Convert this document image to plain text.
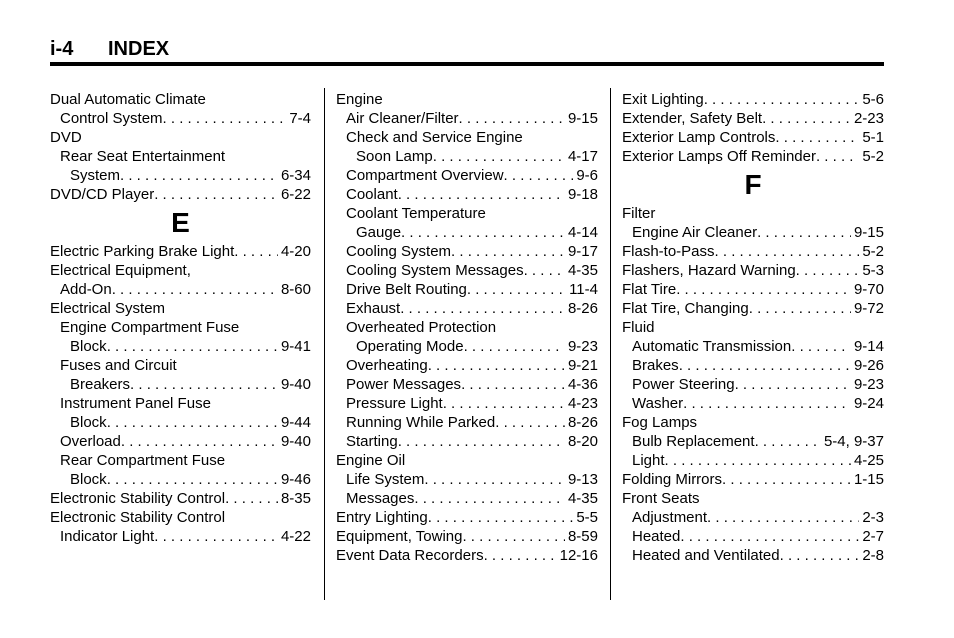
i-4 INDEX
Dual Automatic Climate
Control System . . .	7-4
DVD
Rear Seat Entertainment
System . . .	6-34
DVD/CD Player . . .	6-22
E
Electric Parking Brake Light . . .	4-20
Electrical Equipment,
Add-On . . .	8-60
Electrical System
Engine Compartment Fuse
Block . . .	9-41
Fuses and Circuit
Breakers . . .	9-40
Instrument Panel Fuse
Block . . .	9-44
Overload . . .	9-40
Rear Compartment Fuse
Block . . .	9-46
Electronic Stability Control . . .	8-35
Electronic Stability Control
Indicator Light . . .	4-22
Engine
Air Cleaner/Filter . . .	9-15
Check and Service Engine
Soon Lamp . . .	4-17
Compartment Overview . . .	9-6
Coolant . . .	9-18
Coolant Temperature
Gauge . . .	4-14
Cooling System . . .	9-17
Cooling System Messages . . .	4-35
Drive Belt Routing . . .	11-4
Exhaust . . .	8-26
Overheated Protection
Operating Mode . . .	9-23
Overheating . . .	9-21
Power Messages . . .	4-36
Pressure Light . . .	4-23
Running While Parked . . .	8-26
Starting . . .	8-20
Engine Oil
Life System . . .	9-13
Messages . . .	4-35
Entry Lighting . . .	5-5
Equipment, Towing . . .	8-59
Event Data Recorders . . .	12-16
Exit Lighting . . .	5-6
Extender, Safety Belt . . .	2-23
Exterior Lamp Controls . . .	5-1
Exterior Lamps Off Reminder . . .	5-2
F
Filter
Engine Air Cleaner . . .	9-15
Flash-to-Pass . . .	5-2
Flashers, Hazard Warning . . .	5-3
Flat Tire . . .	9-70
Flat Tire, Changing . . .	9-72
Fluid
Automatic Transmission . . .	9-14
Brakes . . .	9-26
Power Steering . . .	9-23
Washer . . .	9-24
Fog Lamps
Bulb Replacement . . .	5-4, 9-37
Light . . .	4-25
Folding Mirrors . . .	1-15
Front Seats
Adjustment . . .	2-3
Heated . . .	2-7
Heated and Ventilated . . .	2-8
